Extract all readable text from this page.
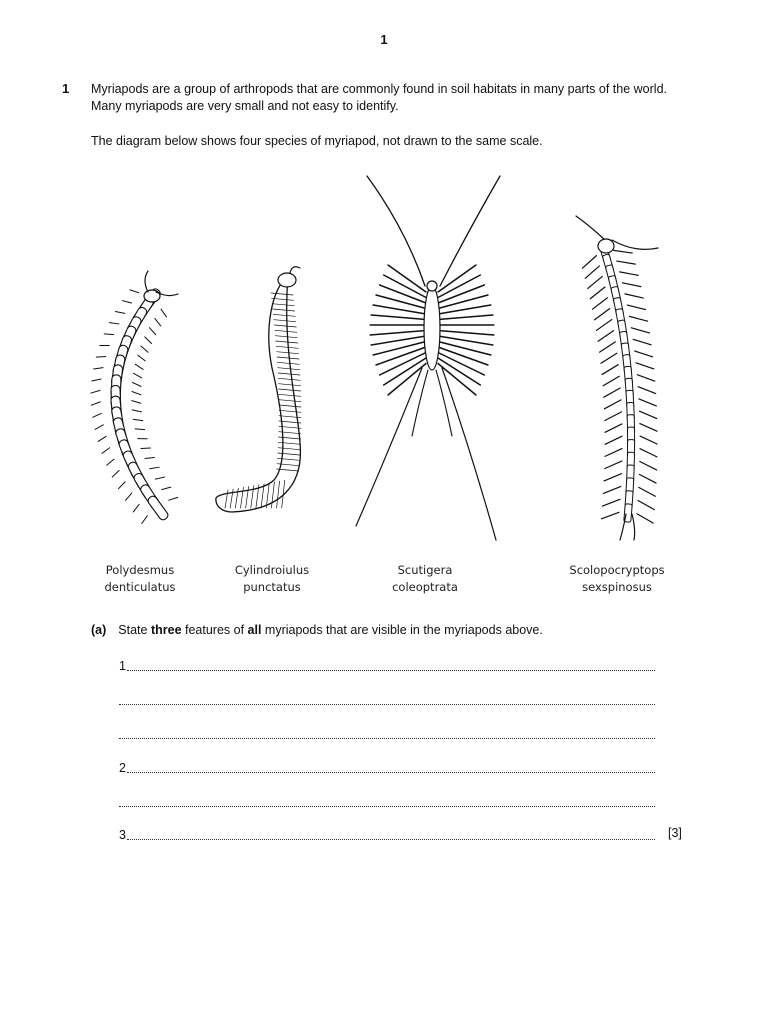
1
1 Myriapods are a group of arthropods that are commonly found in soil habitats in many parts of the world. Many myriapods are very small and not easy to identify.
The diagram below shows four species of myriapod, not drawn to the same scale.
Polydesmus
denticulatus
Cylindroiulus
punctatus
Scutigera
coleoptrata
Scolopocryptops
sexspinosus
(a) State three features of all myriapods that are visible in the myriapods above.
1
2
3	[3]
